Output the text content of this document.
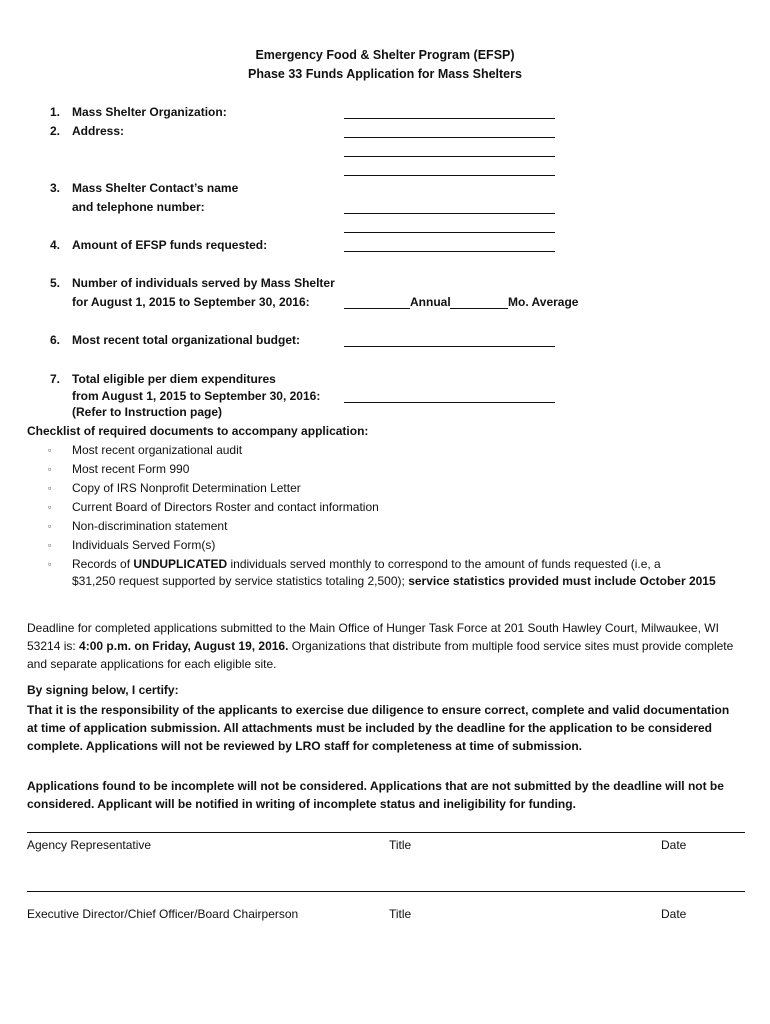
Emergency Food & Shelter Program (EFSP)
Phase 33 Funds Application for Mass Shelters
1. Mass Shelter Organization:
2. Address:
3. Mass Shelter Contact’s name
and telephone number:
4. Amount of EFSP funds requested:
5. Number of individuals served by Mass Shelter
for August 1, 2015 to September 30, 2016:	Annual	Mo. Average
6. Most recent total organizational budget:
7. Total eligible per diem expenditures
from August 1, 2015 to September 30, 2016:
(Refer to Instruction page)
Checklist of required documents to accompany application:
▫ Most recent organizational audit
▫ Most recent Form 990
▫ Copy of IRS Nonprofit Determination Letter
▫ Current Board of Directors Roster and contact information
▫ Non-discrimination statement
▫ Individuals Served Form(s)
▫ Records of UNDUPLICATED individuals served monthly to correspond to the amount of funds requested (i.e, a
$31,250 request supported by service statistics totaling 2,500); service statistics provided must include October 2015
Deadline for completed applications submitted to the Main Office of Hunger Task Force at 201 South Hawley Court, Milwaukee, WI 53214 is: 4:00 p.m. on Friday, August 19, 2016. Organizations that distribute from multiple food service sites must provide complete and separate applications for each eligible site.
By signing below, I certify:
That it is the responsibility of the applicants to exercise due diligence to ensure correct, complete and valid documentation at time of application submission. All attachments must be included by the deadline for the application to be considered complete. Applications will not be reviewed by LRO staff for completeness at time of submission.
Applications found to be incomplete will not be considered. Applications that are not submitted by the deadline will not be considered. Applicant will be notified in writing of incomplete status and ineligibility for funding.
Agency Representative	Title	Date
Executive Director/Chief Officer/Board Chairperson	Title	Date
